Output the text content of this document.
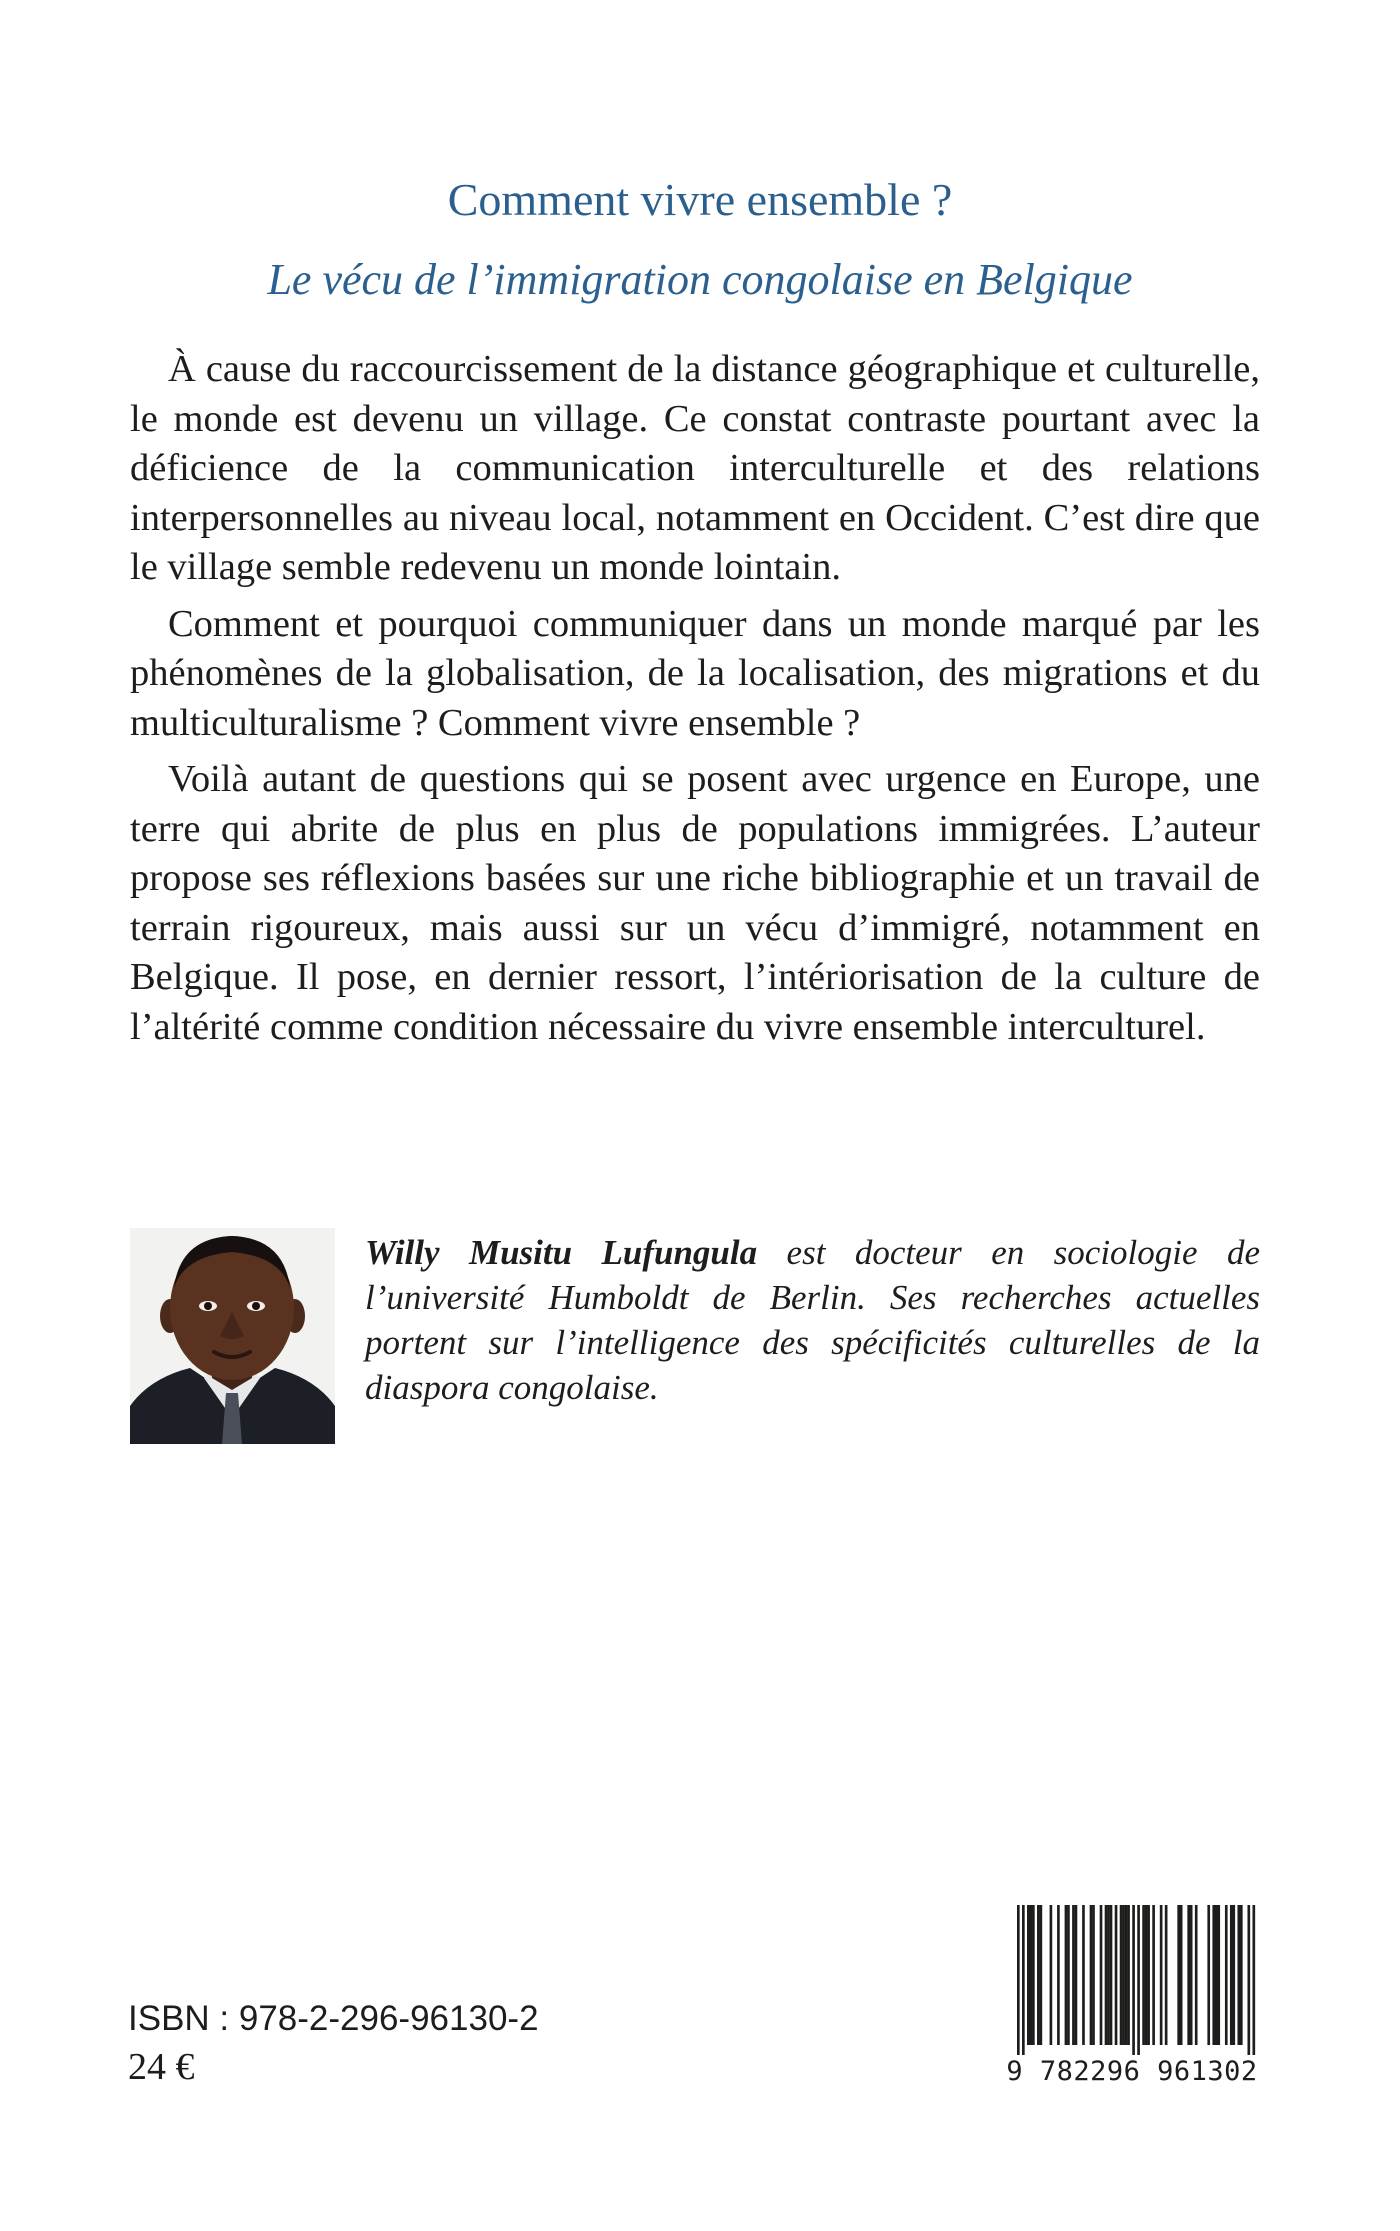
Comment vivre ensemble ?
Le vécu de l’immigration congolaise en Belgique

À cause du raccourcissement de la distance géographique et culturelle, le monde est devenu un village. Ce constat contraste pourtant avec la déficience de la communication interculturelle et des relations interpersonnelles au niveau local, notamment en Occident. C’est dire que le village semble redevenu un monde lointain.

Comment et pourquoi communiquer dans un monde marqué par les phénomènes de la globalisation, de la localisation, des migrations et du multiculturalisme ? Comment vivre ensemble ?

Voilà autant de questions qui se posent avec urgence en Europe, une terre qui abrite de plus en plus de populations immigrées. L’auteur propose ses réflexions basées sur une riche bibliographie et un travail de terrain rigoureux, mais aussi sur un vécu d’immigré, notamment en Belgique. Il pose, en dernier ressort, l’intériorisation de la culture de l’altérité comme condition nécessaire du vivre ensemble interculturel.

Willy Musitu Lufungula est docteur en sociologie de l’université Humboldt de Berlin. Ses recherches actuelles portent sur l’intelligence des spécificités culturelles de la diaspora congolaise.

ISBN : 978-2-296-96130-2
24 €	9 782296 961302
